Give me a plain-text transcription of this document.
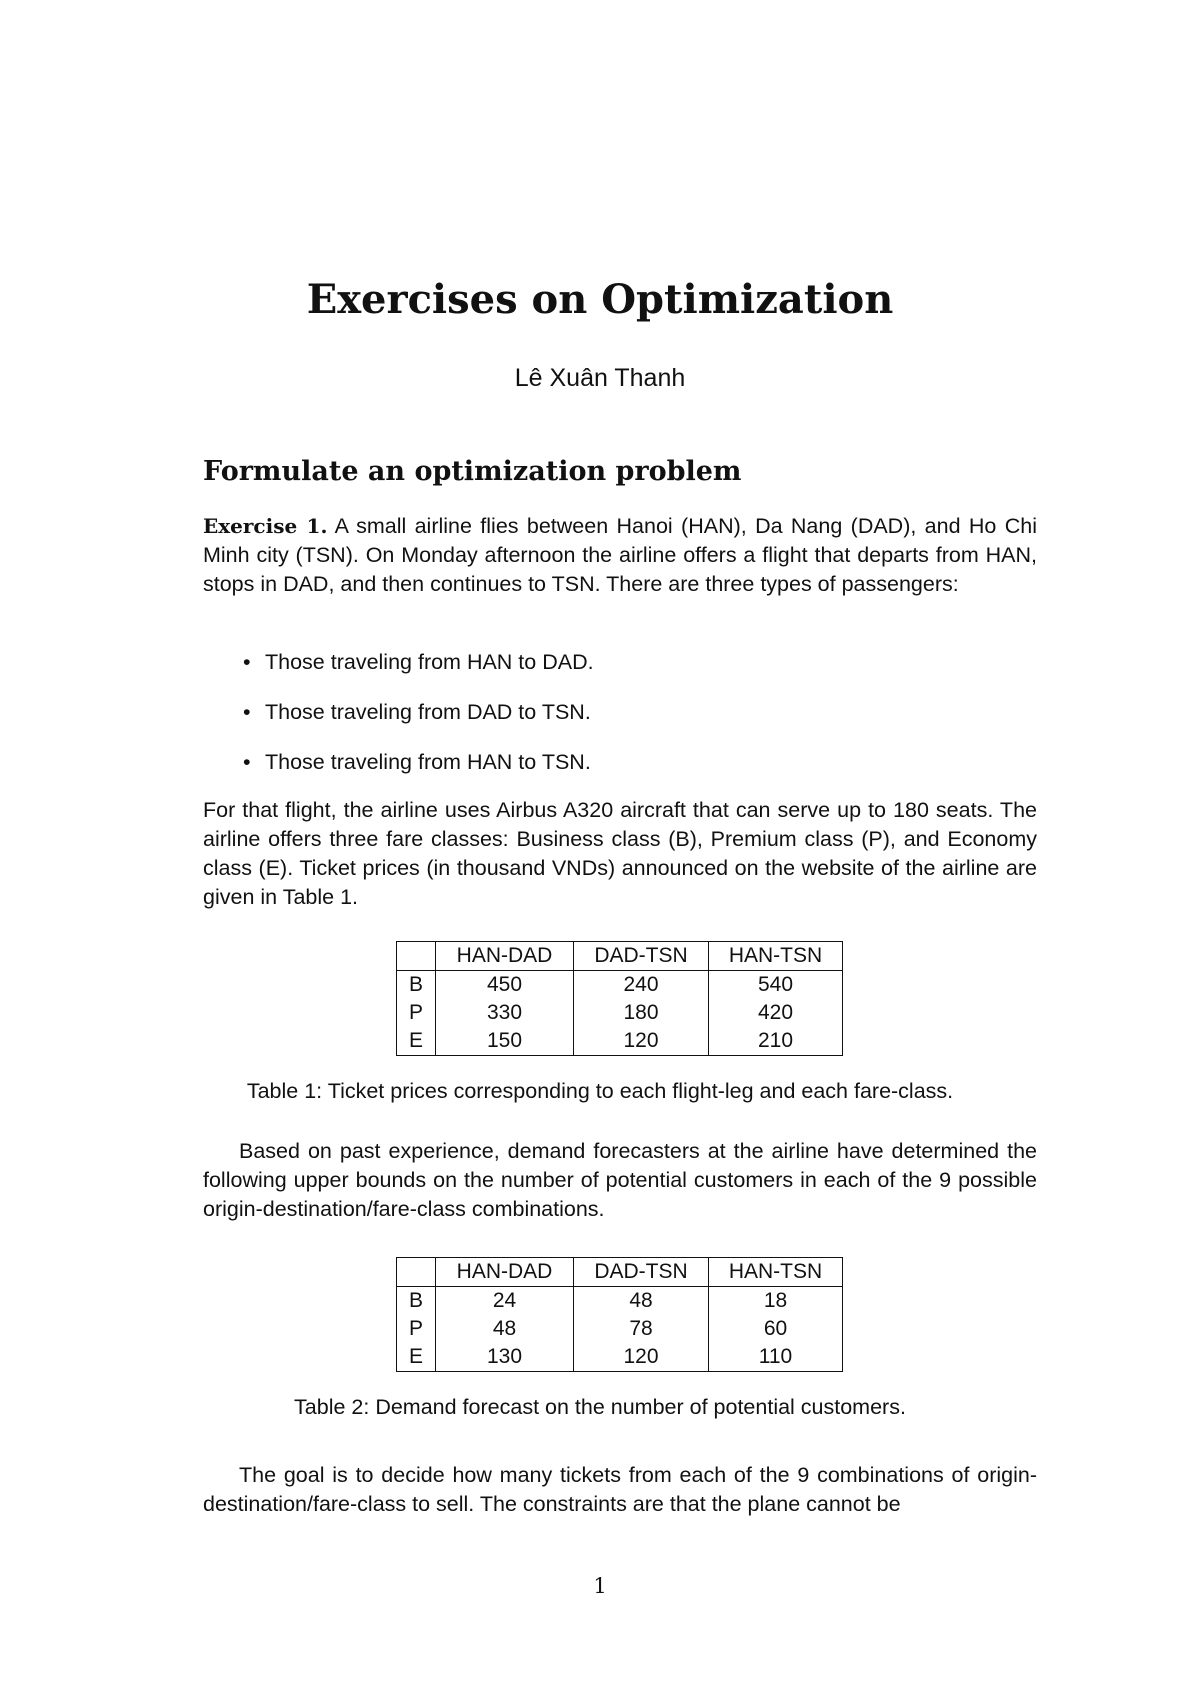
Exercises on Optimization
Lê Xuân Thanh
Formulate an optimization problem
Exercise 1. A small airline flies between Hanoi (HAN), Da Nang (DAD), and Ho Chi Minh city (TSN). On Monday afternoon the airline offers a flight that departs from HAN, stops in DAD, and then continues to TSN. There are three types of passengers:
• Those traveling from HAN to DAD.
• Those traveling from DAD to TSN.
• Those traveling from HAN to TSN.
For that flight, the airline uses Airbus A320 aircraft that can serve up to 180 seats. The airline offers three fare classes: Business class (B), Premium class (P), and Economy class (E). Ticket prices (in thousand VNDs) announced on the website of the airline are given in Table 1.
	HAN-DAD	DAD-TSN	HAN-TSN
B	450	240	540
P	330	180	420
E	150	120	210
Table 1: Ticket prices corresponding to each flight-leg and each fare-class.
Based on past experience, demand forecasters at the airline have determined the following upper bounds on the number of potential customers in each of the 9 possible origin-destination/fare-class combinations.
	HAN-DAD	DAD-TSN	HAN-TSN
B	24	48	18
P	48	78	60
E	130	120	110
Table 2: Demand forecast on the number of potential customers.
The goal is to decide how many tickets from each of the 9 combinations of origin-destination/fare-class to sell. The constraints are that the plane cannot be
1
